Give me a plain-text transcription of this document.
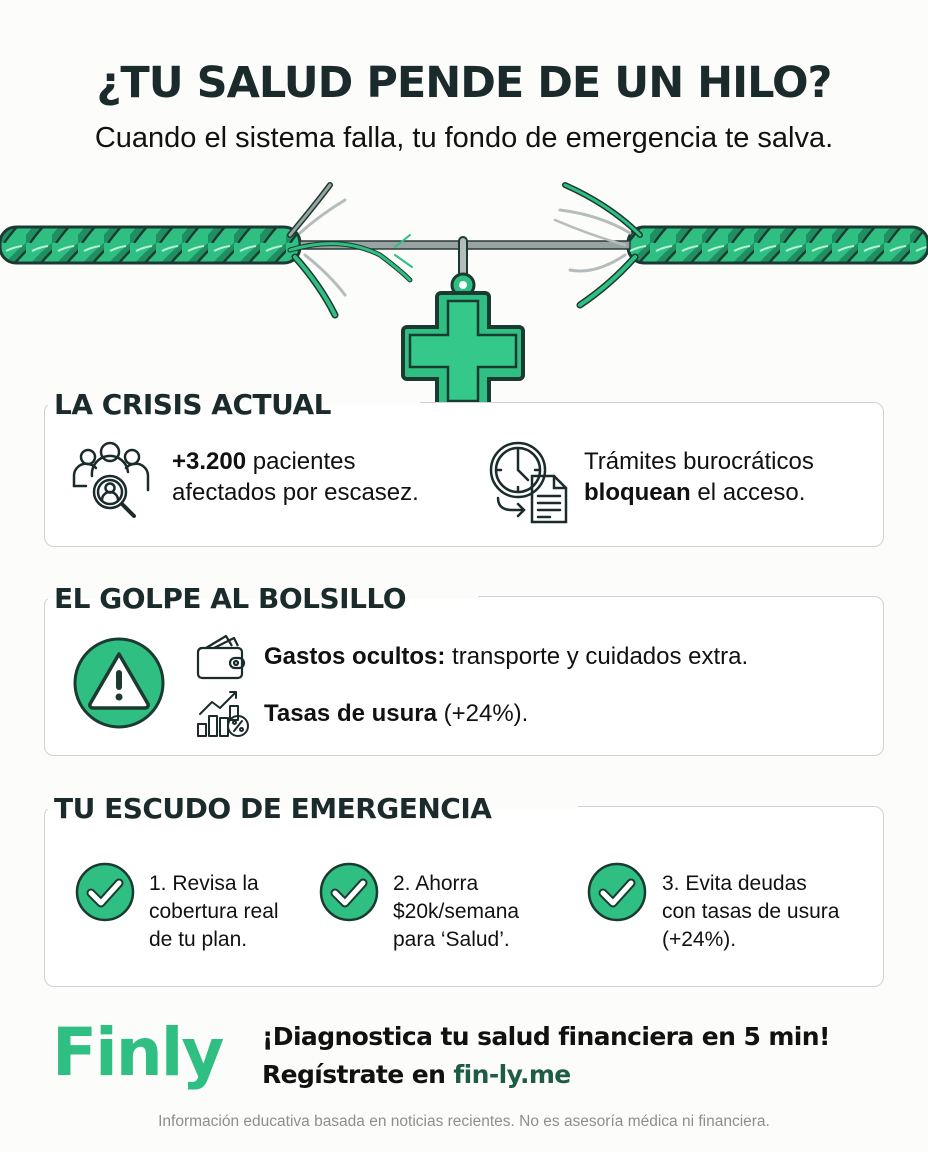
¿TU SALUD PENDE DE UN HILO?

Cuando el sistema falla, tu fondo de emergencia te salva.

LA CRISIS ACTUAL
+3.200 pacientes
afectados por escasez.
Trámites burocráticos
bloquean el acceso.
EL GOLPE AL BOLSILLO
Gastos ocultos: transporte y cuidados extra.
Tasas de usura (+24%).
TU ESCUDO DE EMERGENCIA
1. Revisa la
cobertura real
de tu plan.
2. Ahorra
$20k/semana
para ‘Salud’.
3. Evita deudas
con tasas de usura
(+24%).
Finly ¡Diagnostica tu salud financiera en 5 min!
Regístrate en fin-ly.me

Información educativa basada en noticias recientes. No es asesoría médica ni financiera.
